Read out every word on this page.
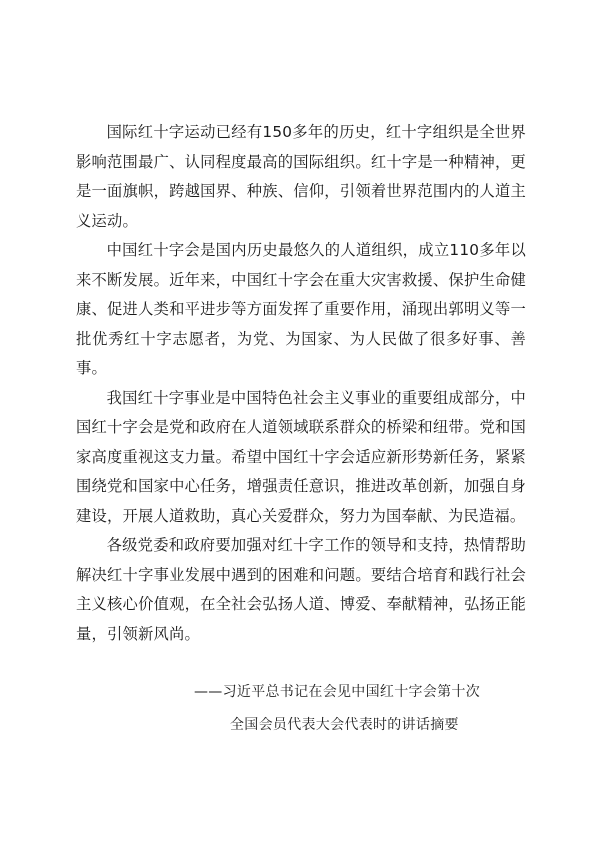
国际红十字运动已经有150多年的历史，红十字组织是全世界影响范围最广、认同程度最高的国际组织。红十字是一种精神，更是一面旗帜，跨越国界、种族、信仰，引领着世界范围内的人道主义运动。

中国红十字会是国内历史最悠久的人道组织，成立110多年以来不断发展。近年来，中国红十字会在重大灾害救援、保护生命健康、促进人类和平进步等方面发挥了重要作用，涌现出郭明义等一批优秀红十字志愿者，为党、为国家、为人民做了很多好事、善事。

我国红十字事业是中国特色社会主义事业的重要组成部分，中国红十字会是党和政府在人道领域联系群众的桥梁和纽带。党和国家高度重视这支力量。希望中国红十字会适应新形势新任务，紧紧围绕党和国家中心任务，增强责任意识，推进改革创新，加强自身建设，开展人道救助，真心关爱群众，努力为国奉献、为民造福。

各级党委和政府要加强对红十字工作的领导和支持，热情帮助解决红十字事业发展中遇到的困难和问题。要结合培育和践行社会主义核心价值观，在全社会弘扬人道、博爱、奉献精神，弘扬正能量，引领新风尚。

——习近平总书记在会见中国红十字会第十次
全国会员代表大会代表时的讲话摘要
